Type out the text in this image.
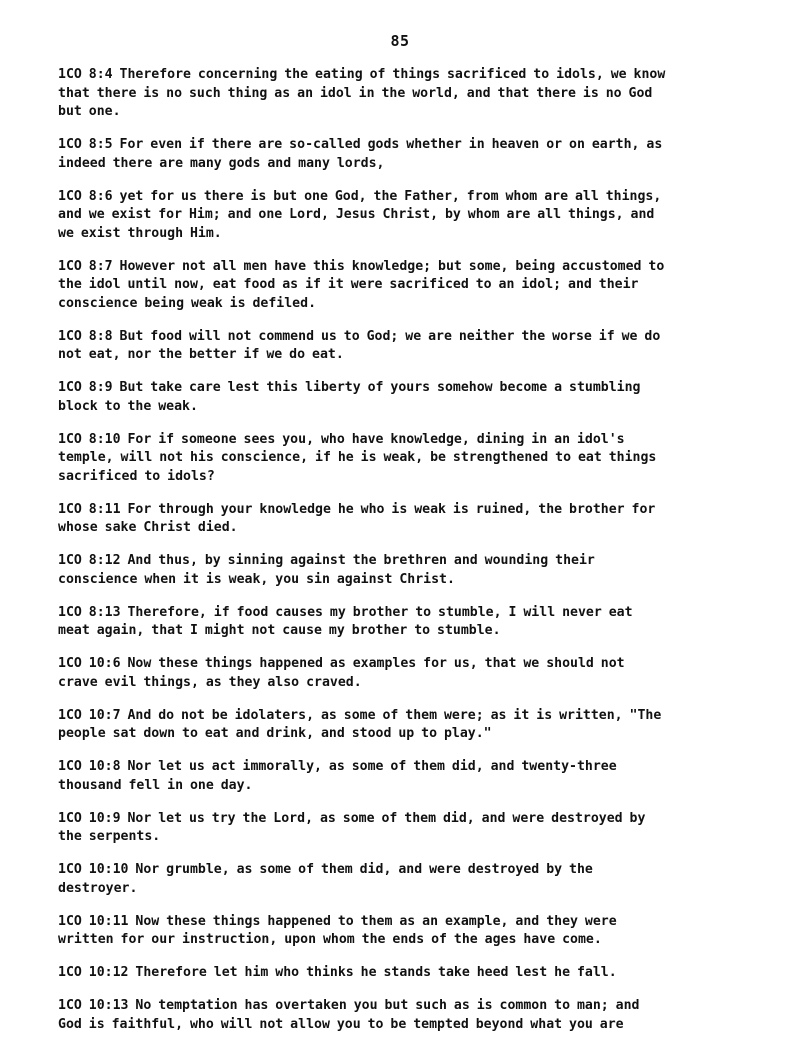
85

1CO 8:4 Therefore concerning the eating of things sacrificed to idols, we know
that there is no such thing as an idol in the world, and that there is no God
but one.

1CO 8:5 For even if there are so-called gods whether in heaven or on earth, as
indeed there are many gods and many lords,

1CO 8:6 yet for us there is but one God, the Father, from whom are all things,
and we exist for Him; and one Lord, Jesus Christ, by whom are all things, and
we exist through Him.

1CO 8:7 However not all men have this knowledge; but some, being accustomed to
the idol until now, eat food as if it were sacrificed to an idol; and their
conscience being weak is defiled.

1CO 8:8 But food will not commend us to God; we are neither the worse if we do
not eat, nor the better if we do eat.

1CO 8:9 But take care lest this liberty of yours somehow become a stumbling
block to the weak.

1CO 8:10 For if someone sees you, who have knowledge, dining in an idol's
temple, will not his conscience, if he is weak, be strengthened to eat things
sacrificed to idols?

1CO 8:11 For through your knowledge he who is weak is ruined, the brother for
whose sake Christ died.

1CO 8:12 And thus, by sinning against the brethren and wounding their
conscience when it is weak, you sin against Christ.

1CO 8:13 Therefore, if food causes my brother to stumble, I will never eat
meat again, that I might not cause my brother to stumble.

1CO 10:6 Now these things happened as examples for us, that we should not
crave evil things, as they also craved.

1CO 10:7 And do not be idolaters, as some of them were; as it is written, "The
people sat down to eat and drink, and stood up to play."

1CO 10:8 Nor let us act immorally, as some of them did, and twenty-three
thousand fell in one day.

1CO 10:9 Nor let us try the Lord, as some of them did, and were destroyed by
the serpents.

1CO 10:10 Nor grumble, as some of them did, and were destroyed by the
destroyer.

1CO 10:11 Now these things happened to them as an example, and they were
written for our instruction, upon whom the ends of the ages have come.

1CO 10:12 Therefore let him who thinks he stands take heed lest he fall.

1CO 10:13 No temptation has overtaken you but such as is common to man; and
God is faithful, who will not allow you to be tempted beyond what you are
